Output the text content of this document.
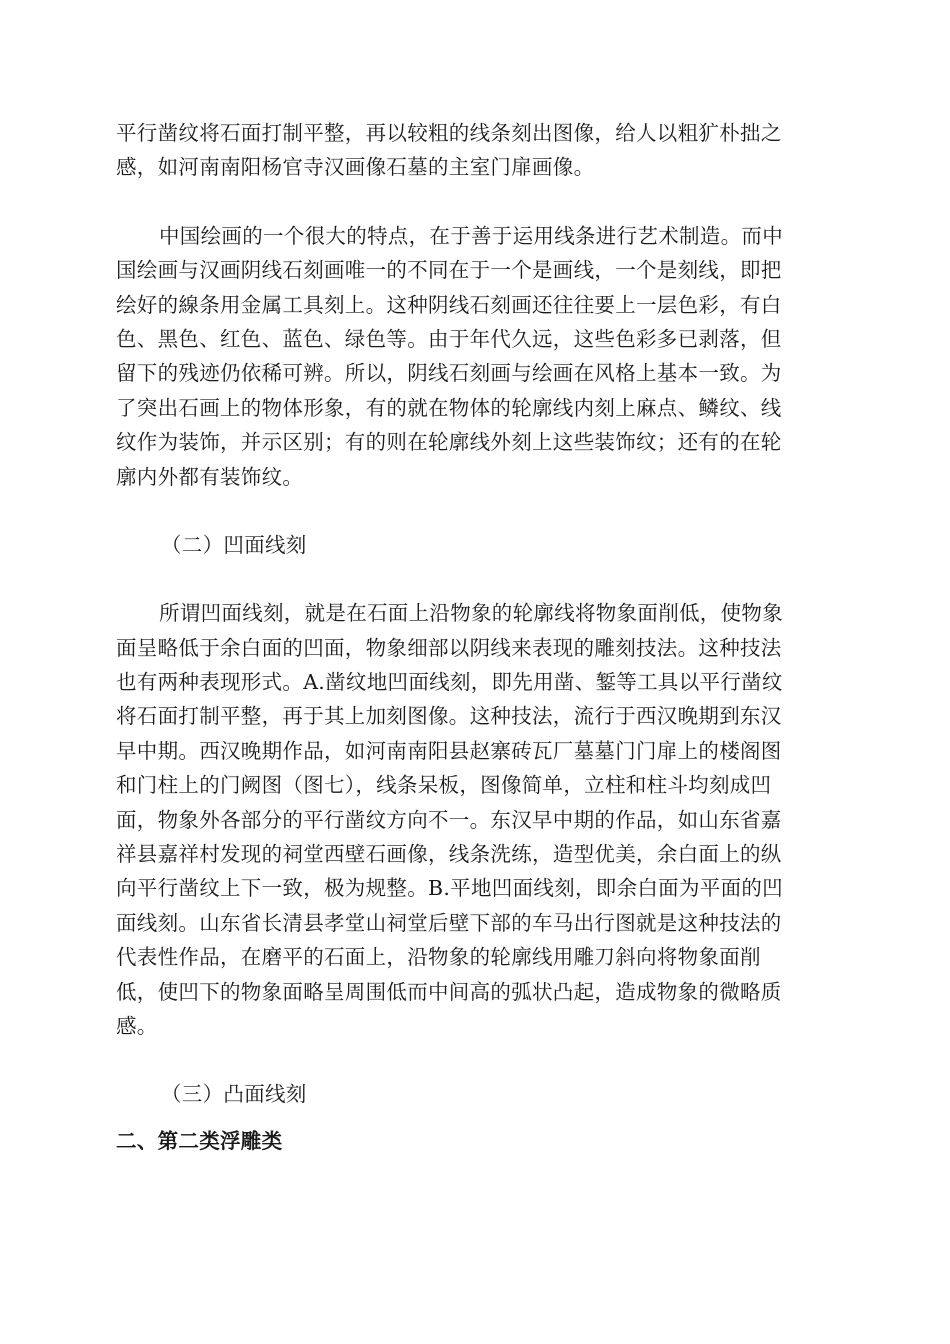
平行凿纹将石面打制平整，再以较粗的线条刻出图像，给人以粗犷朴拙之
感，如河南南阳杨官寺汉画像石墓的主室门扉画像。
中国绘画的一个很大的特点，在于善于运用线条进行艺术制造。而中
国绘画与汉画阴线石刻画唯一的不同在于一个是画线，一个是刻线，即把
绘好的線条用金属工具刻上。这种阴线石刻画还往往要上一层色彩，有白
色、黑色、红色、蓝色、绿色等。由于年代久远，这些色彩多已剥落，但
留下的残迹仍依稀可辨。所以，阴线石刻画与绘画在风格上基本一致。为
了突出石画上的物体形象，有的就在物体的轮廓线内刻上麻点、鳞纹、线
纹作为装饰，并示区别；有的则在轮廓线外刻上这些装饰纹；还有的在轮
廓内外都有装饰纹。
（二）凹面线刻
所谓凹面线刻，就是在石面上沿物象的轮廓线将物象面削低，使物象
面呈略低于余白面的凹面，物象细部以阴线来表现的雕刻技法。这种技法
也有两种表现形式。A.凿纹地凹面线刻，即先用凿、錾等工具以平行凿纹
将石面打制平整，再于其上加刻图像。这种技法，流行于西汉晚期到东汉
早中期。西汉晚期作品，如河南南阳县赵寨砖瓦厂墓墓门门扉上的楼阁图
和门柱上的门阙图（图七），线条呆板，图像简单，立柱和柱斗均刻成凹
面，物象外各部分的平行凿纹方向不一。东汉早中期的作品，如山东省嘉
祥县嘉祥村发现的祠堂西壁石画像，线条洗练，造型优美，余白面上的纵
向平行凿纹上下一致，极为规整。B.平地凹面线刻，即余白面为平面的凹
面线刻。山东省长清县孝堂山祠堂后壁下部的车马出行图就是这种技法的
代表性作品，在磨平的石面上，沿物象的轮廓线用雕刀斜向将物象面削
低，使凹下的物象面略呈周围低而中间高的弧状凸起，造成物象的微略质
感。
（三）凸面线刻
二、第二类浮雕类
